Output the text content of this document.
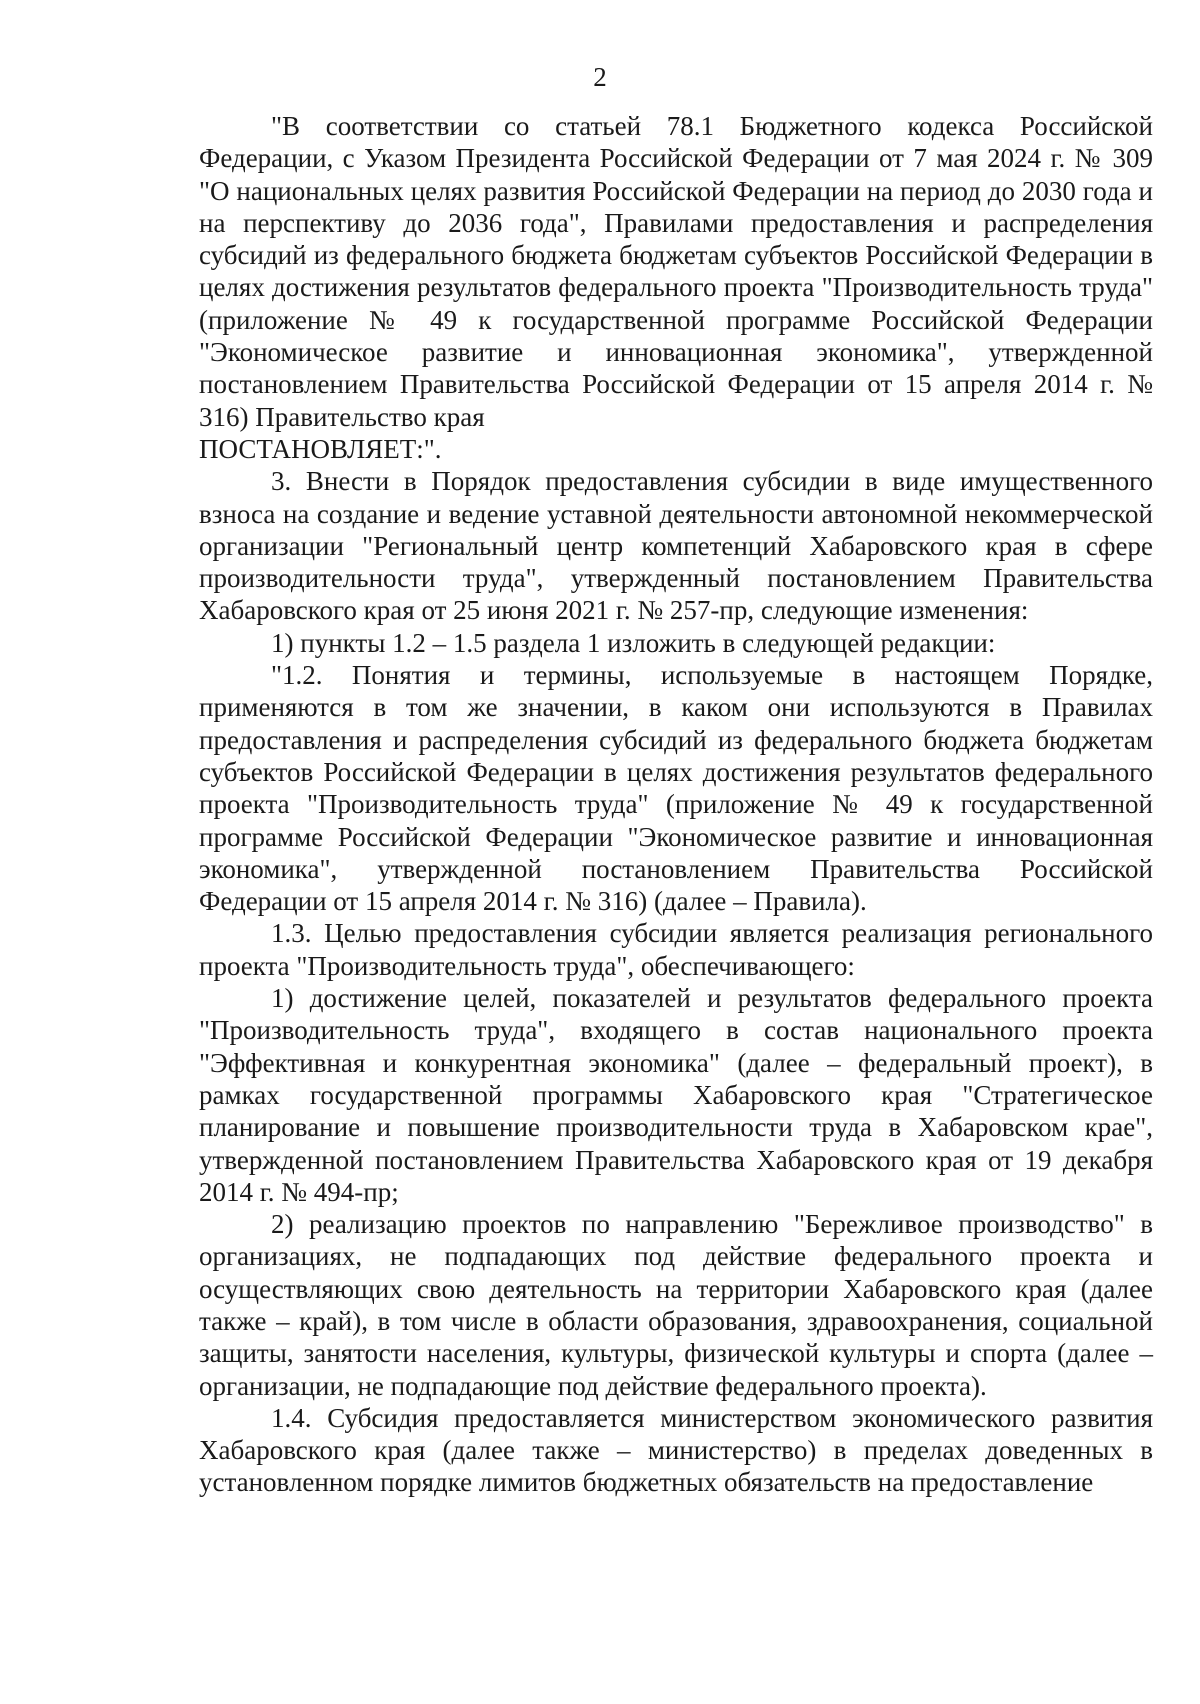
2

"В соответствии со статьей 78.1 Бюджетного кодекса Российской Федерации, с Указом Президента Российской Федерации от 7 мая 2024 г. № 309 "О национальных целях развития Российской Федерации на период до 2030 года и на перспективу до 2036 года", Правилами предоставления и распределения субсидий из федерального бюджета бюджетам субъектов Российской Федерации в целях достижения результатов федерального проекта "Производительность труда" (приложение № 49 к государственной программе Российской Федерации "Экономическое развитие и инновационная экономика", утвержденной постановлением Правительства Российской Федерации от 15 апреля 2014 г. № 316) Правительство края

ПОСТАНОВЛЯЕТ:".

3. Внести в Порядок предоставления субсидии в виде имущественного взноса на создание и ведение уставной деятельности автономной некоммерческой организации "Региональный центр компетенций Хабаровского края в сфере производительности труда", утвержденный постановлением Правительства Хабаровского края от 25 июня 2021 г. № 257-пр, следующие изменения:

1) пункты 1.2 – 1.5 раздела 1 изложить в следующей редакции:

"1.2. Понятия и термины, используемые в настоящем Порядке, применяются в том же значении, в каком они используются в Правилах предоставления и распределения субсидий из федерального бюджета бюджетам субъектов Российской Федерации в целях достижения результатов федерального проекта "Производительность труда" (приложение № 49 к государственной программе Российской Федерации "Экономическое развитие и инновационная экономика", утвержденной постановлением Правительства Российской Федерации от 15 апреля 2014 г. № 316) (далее – Правила).

1.3. Целью предоставления субсидии является реализация регионального проекта "Производительность труда", обеспечивающего:

1) достижение целей, показателей и результатов федерального проекта "Производительность труда", входящего в состав национального проекта "Эффективная и конкурентная экономика" (далее – федеральный проект), в рамках государственной программы Хабаровского края "Стратегическое планирование и повышение производительности труда в Хабаровском крае", утвержденной постановлением Правительства Хабаровского края от 19 декабря 2014 г. № 494-пр;

2) реализацию проектов по направлению "Бережливое производство" в организациях, не подпадающих под действие федерального проекта и осуществляющих свою деятельность на территории Хабаровского края (далее также – край), в том числе в области образования, здравоохранения, социальной защиты, занятости населения, культуры, физической культуры и спорта (далее – организации, не подпадающие под действие федерального проекта).

1.4. Субсидия предоставляется министерством экономического развития Хабаровского края (далее также – министерство) в пределах доведенных в установленном порядке лимитов бюджетных обязательств на предоставление
